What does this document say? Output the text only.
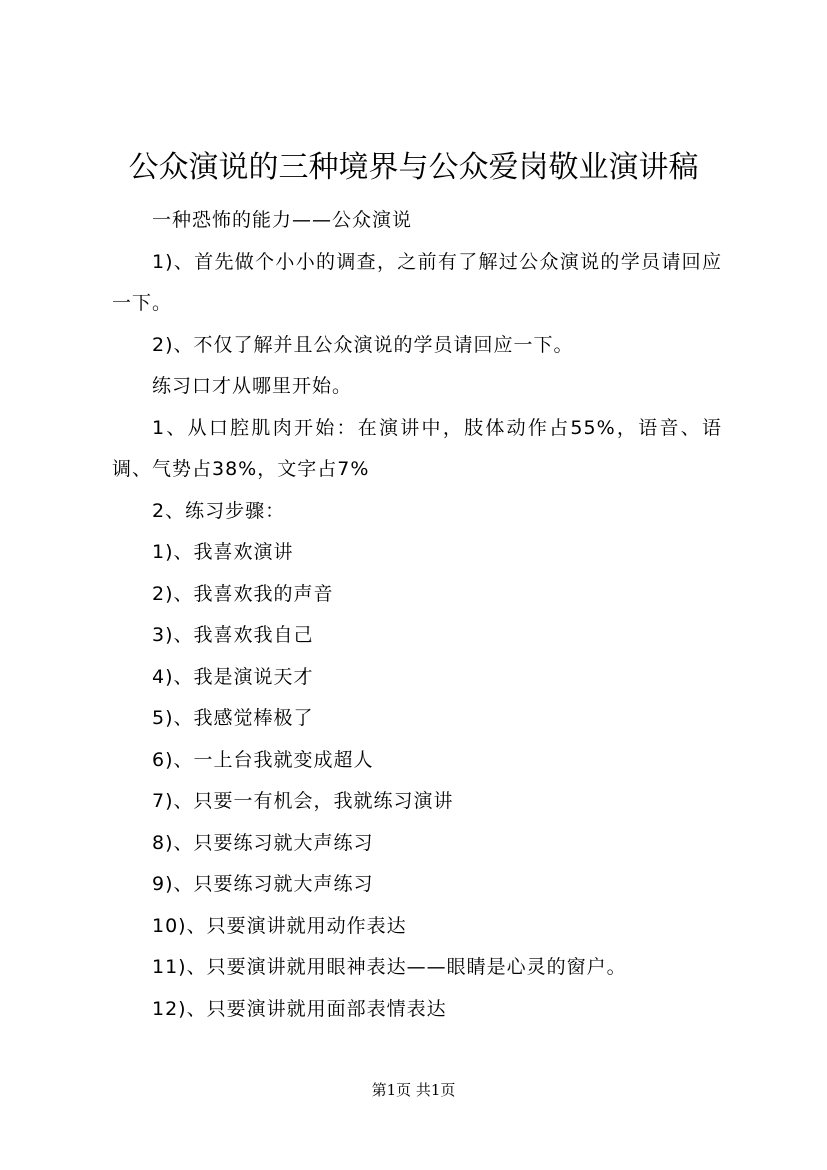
公众演说的三种境界与公众爱岗敬业演讲稿

一种恐怖的能力——公众演说

1)、首先做个小小的调查，之前有了解过公众演说的学员请回应一下。

2)、不仅了解并且公众演说的学员请回应一下。

练习口才从哪里开始。

1、从口腔肌肉开始：在演讲中，肢体动作占55%，语音、语调、气势占38%，文字占7%

2、练习步骤：

1)、我喜欢演讲

2)、我喜欢我的声音

3)、我喜欢我自己

4)、我是演说天才

5)、我感觉棒极了

6)、一上台我就变成超人

7)、只要一有机会，我就练习演讲

8)、只要练习就大声练习

9)、只要练习就大声练习

10)、只要演讲就用动作表达

11)、只要演讲就用眼神表达——眼睛是心灵的窗户。

12)、只要演讲就用面部表情表达

第1页 共1页
